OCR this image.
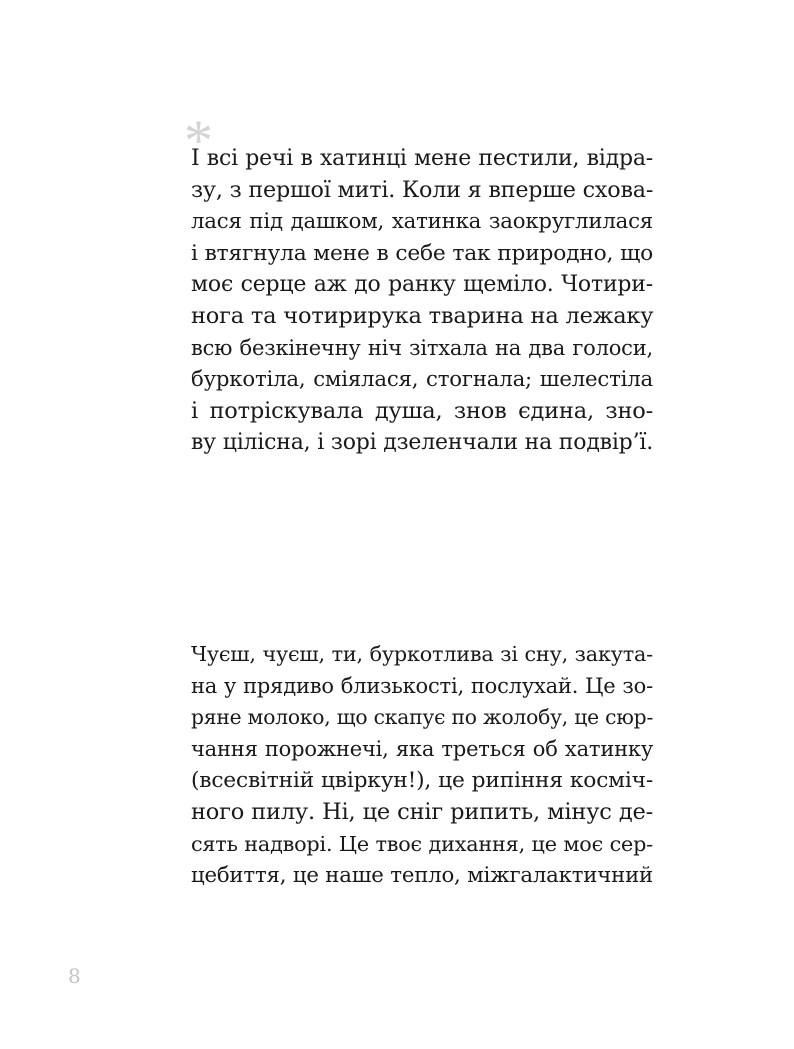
*
І всі речі в хатинці мене пестили, відра-
зу, з першої миті. Коли я вперше схова-
лася під дашком, хатинка заокруглилася
і втягнула мене в себе так природно, що
моє серце аж до ранку щеміло. Чотири-
нога та чотирирука тварина на лежаку
всю безкінечну ніч зітхала на два голоси,
буркотіла, сміялася, стогнала; шелестіла
і потріскувала душа, знов єдина, зно-
ву цілісна, і зорі дзеленчали на подвір’ї.
Чуєш, чуєш, ти, буркотлива зі сну, закута-
на у прядиво близькості, послухай. Це зо-
ряне молоко, що скапує по жолобу, це сюр-
чання порожнечі, яка треться об хатинку
(всесвітній цвіркун!), це рипіння косміч-
ного пилу. Ні, це сніг рипить, мінус де-
сять надворі. Це твоє дихання, це моє сер-
цебиття, це наше тепло, міжгалактичний
8
